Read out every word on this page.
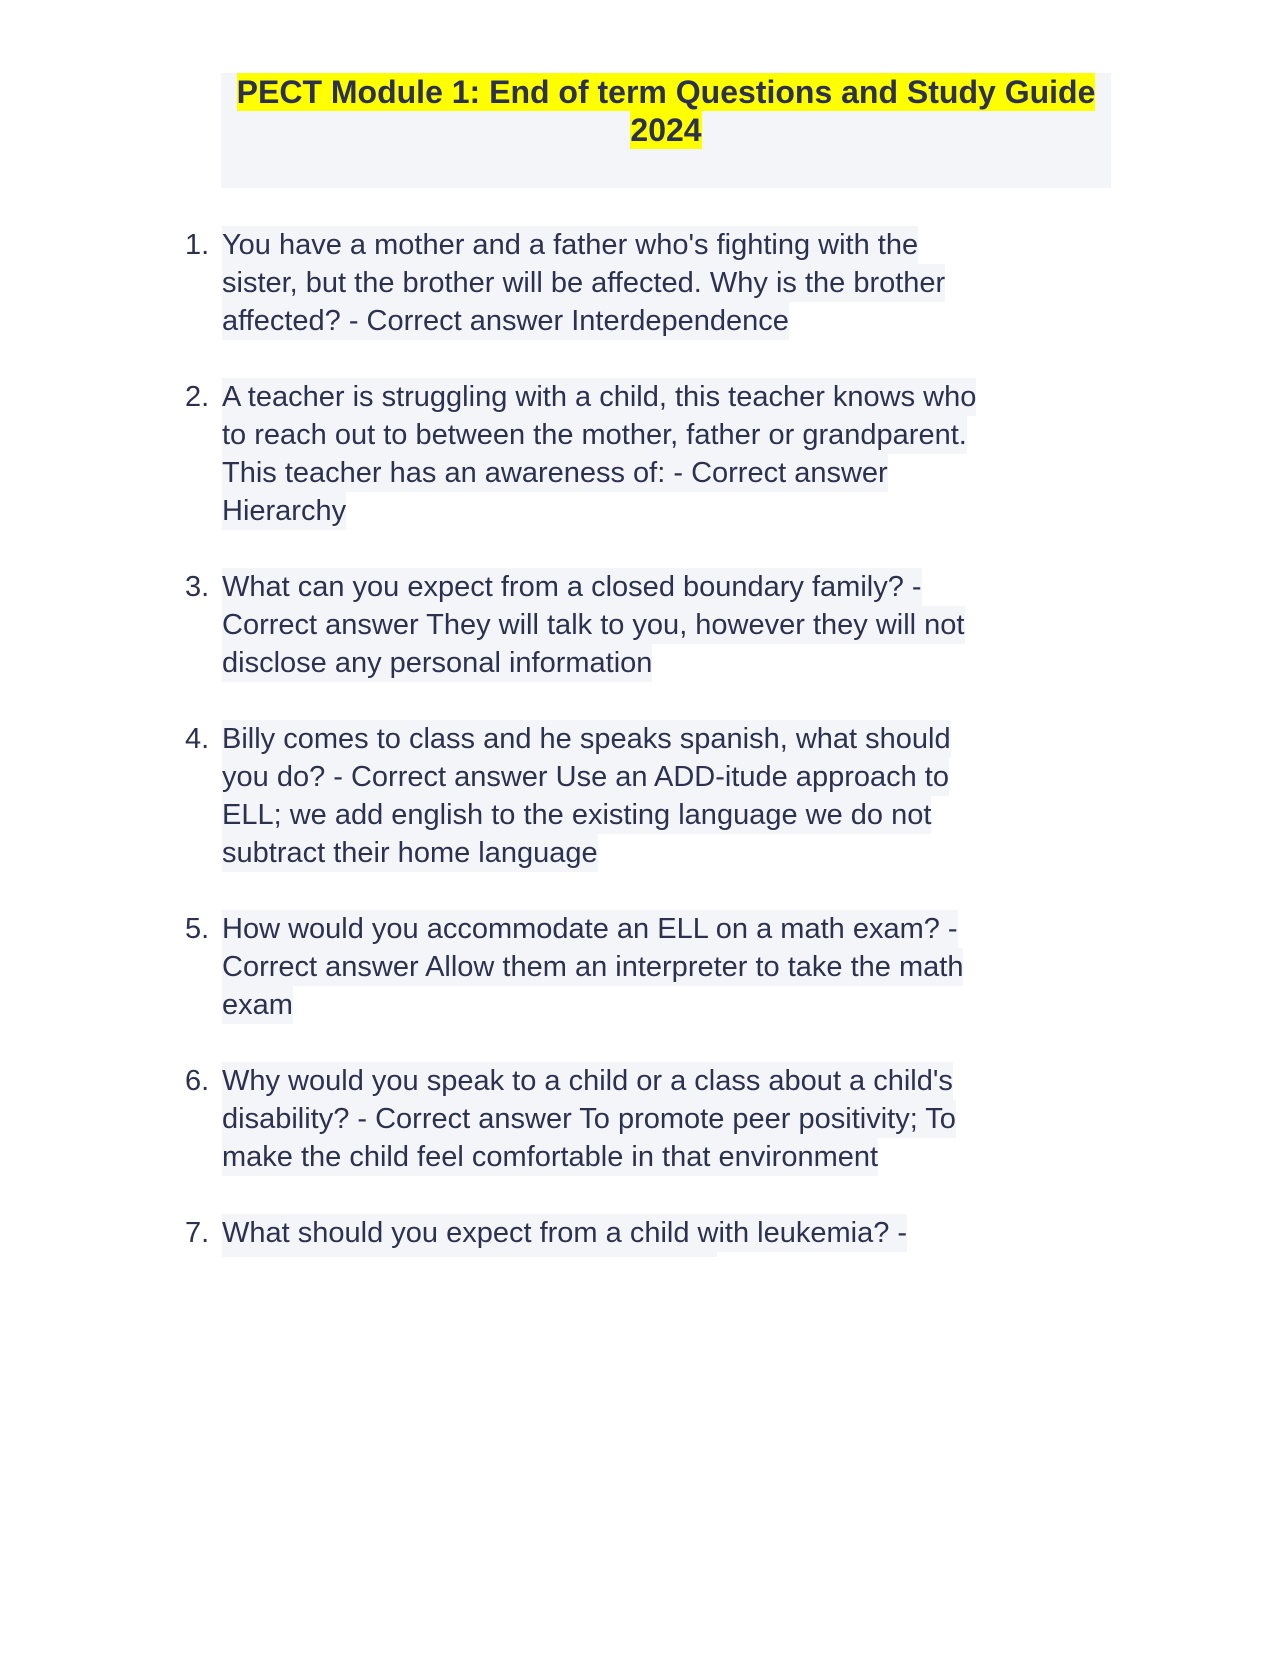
PECT Module 1: End of term Questions and Study Guide
2024
1. You have a mother and a father who's fighting with the
sister, but the brother will be affected. Why is the brother
affected? - Correct answer Interdependence
2. A teacher is struggling with a child, this teacher knows who
to reach out to between the mother, father or grandparent.
This teacher has an awareness of: - Correct answer
Hierarchy
3. What can you expect from a closed boundary family? -
Correct answer They will talk to you, however they will not
disclose any personal information
4. Billy comes to class and he speaks spanish, what should
you do? - Correct answer Use an ADD-itude approach to
ELL; we add english to the existing language we do not
subtract their home language
5. How would you accommodate an ELL on a math exam? -
Correct answer Allow them an interpreter to take the math
exam
6. Why would you speak to a child or a class about a child's
disability? - Correct answer To promote peer positivity; To
make the child feel comfortable in that environment
7. What should you expect from a child with leukemia? -
